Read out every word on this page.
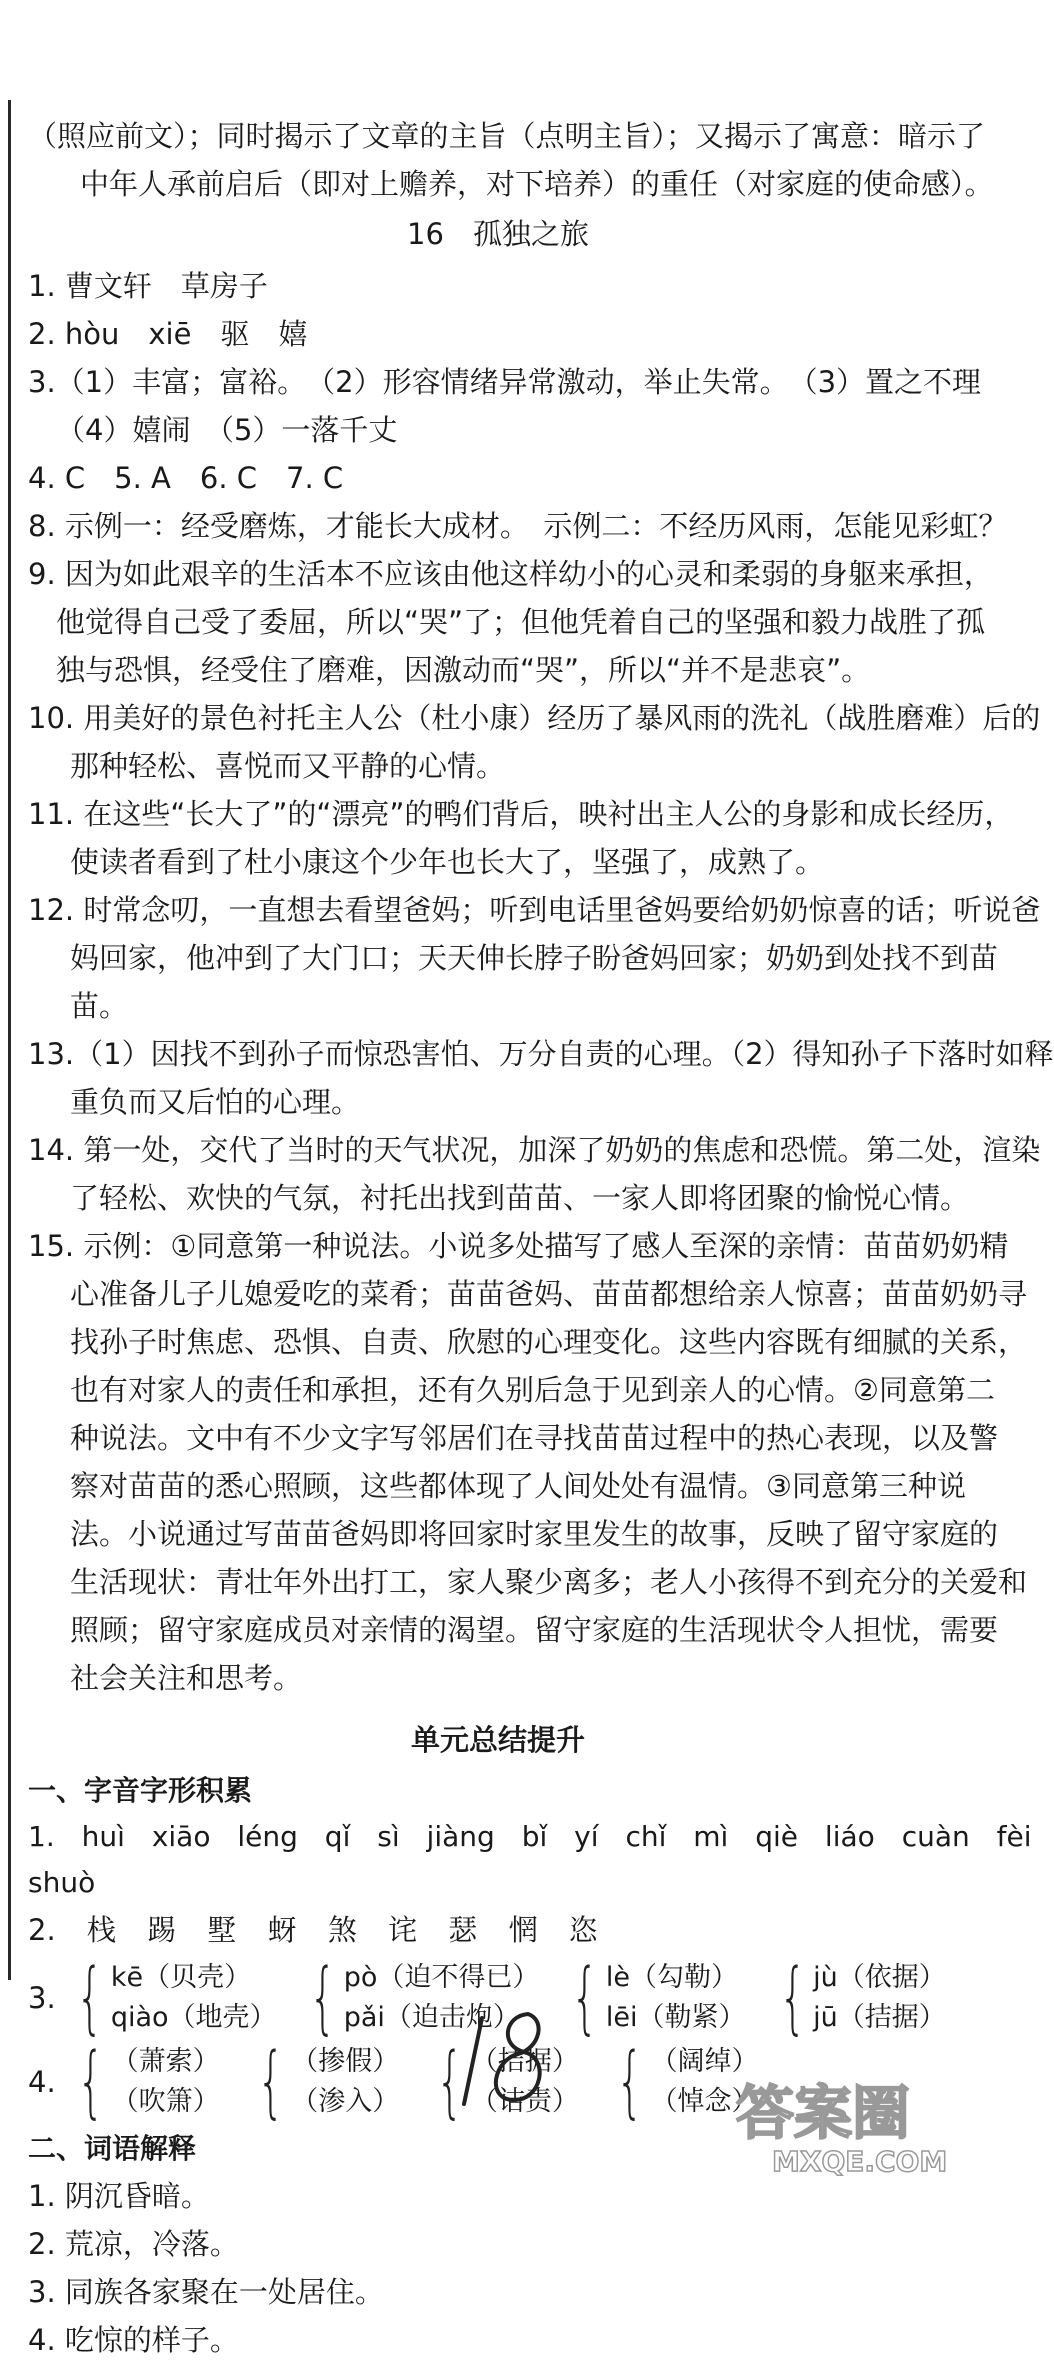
（照应前文）；同时揭示了文章的主旨（点明主旨）；又揭示了寓意：暗示了

中年人承前启后（即对上赡养，对下培养）的重任（对家庭的使命感）。

16　孤独之旅

1. 曹文轩　草房子

2. hòu　xiē　驱　嬉

3.（1）丰富；富裕。　（2）形容情绪异常激动，举止失常。　（3）置之不理

（4）嬉闹　（5）一落千丈

4. C　5. A　6. C　7. C

8. 示例一：经受磨炼，才能长大成材。　示例二：不经历风雨，怎能见彩虹？

9. 因为如此艰辛的生活本不应该由他这样幼小的心灵和柔弱的身躯来承担，

他觉得自己受了委屈，所以“哭”了；但他凭着自己的坚强和毅力战胜了孤

独与恐惧，经受住了磨难，因激动而“哭”，所以“并不是悲哀”。

10. 用美好的景色衬托主人公（杜小康）经历了暴风雨的洗礼（战胜磨难）后的

那种轻松、喜悦而又平静的心情。

11. 在这些“长大了”的“漂亮”的鸭们背后，映衬出主人公的身影和成长经历，

使读者看到了杜小康这个少年也长大了，坚强了，成熟了。

12. 时常念叨，一直想去看望爸妈；听到电话里爸妈要给奶奶惊喜的话；听说爸

妈回家，他冲到了大门口；天天伸长脖子盼爸妈回家；奶奶到处找不到苗

苗。

13.（1）因找不到孙子而惊恐害怕、万分自责的心理。（2）得知孙子下落时如释

重负而又后怕的心理。

14. 第一处，交代了当时的天气状况，加深了奶奶的焦虑和恐慌。第二处，渲染

了轻松、欢快的气氛，衬托出找到苗苗、一家人即将团聚的愉悦心情。

15. 示例：①同意第一种说法。小说多处描写了感人至深的亲情：苗苗奶奶精

心准备儿子儿媳爱吃的菜肴；苗苗爸妈、苗苗都想给亲人惊喜；苗苗奶奶寻

找孙子时焦虑、恐惧、自责、欣慰的心理变化。这些内容既有细腻的关系，

也有对家人的责任和承担，还有久别后急于见到亲人的心情。②同意第二

种说法。文中有不少文字写邻居们在寻找苗苗过程中的热心表现，以及警

察对苗苗的悉心照顾，这些都体现了人间处处有温情。③同意第三种说

法。小说通过写苗苗爸妈即将回家时家里发生的故事，反映了留守家庭的

生活现状：青壮年外出打工，家人聚少离多；老人小孩得不到充分的关爱和

照顾；留守家庭成员对亲情的渴望。留守家庭的生活现状令人担忧，需要

社会关注和思考。

单元总结提升
一、字音字形积累
1. huì xiāo léng qǐ sì jiàng bǐ yí chǐ mì qiè liáo cuàn fèi
shuò
2. 栈 踢 墅 蚜 煞 诧 瑟 惘 恣
3. { kē（贝壳）
qiào（地壳） { pò（迫不得已）
pǎi（迫击炮） { lè（勾勒）
lēi（勒紧） { jù（依据）
jū（拮据）
4. { （萧索）
（吹箫） { （掺假）
（渗入） { （拮据）
（诘责） { （阔绰）
（悼念）
二、词语解释

1. 阴沉昏暗。

2. 荒凉，冷落。

3. 同族各家聚在一处居住。

4. 吃惊的样子。

答案圈
MXQE.COM
